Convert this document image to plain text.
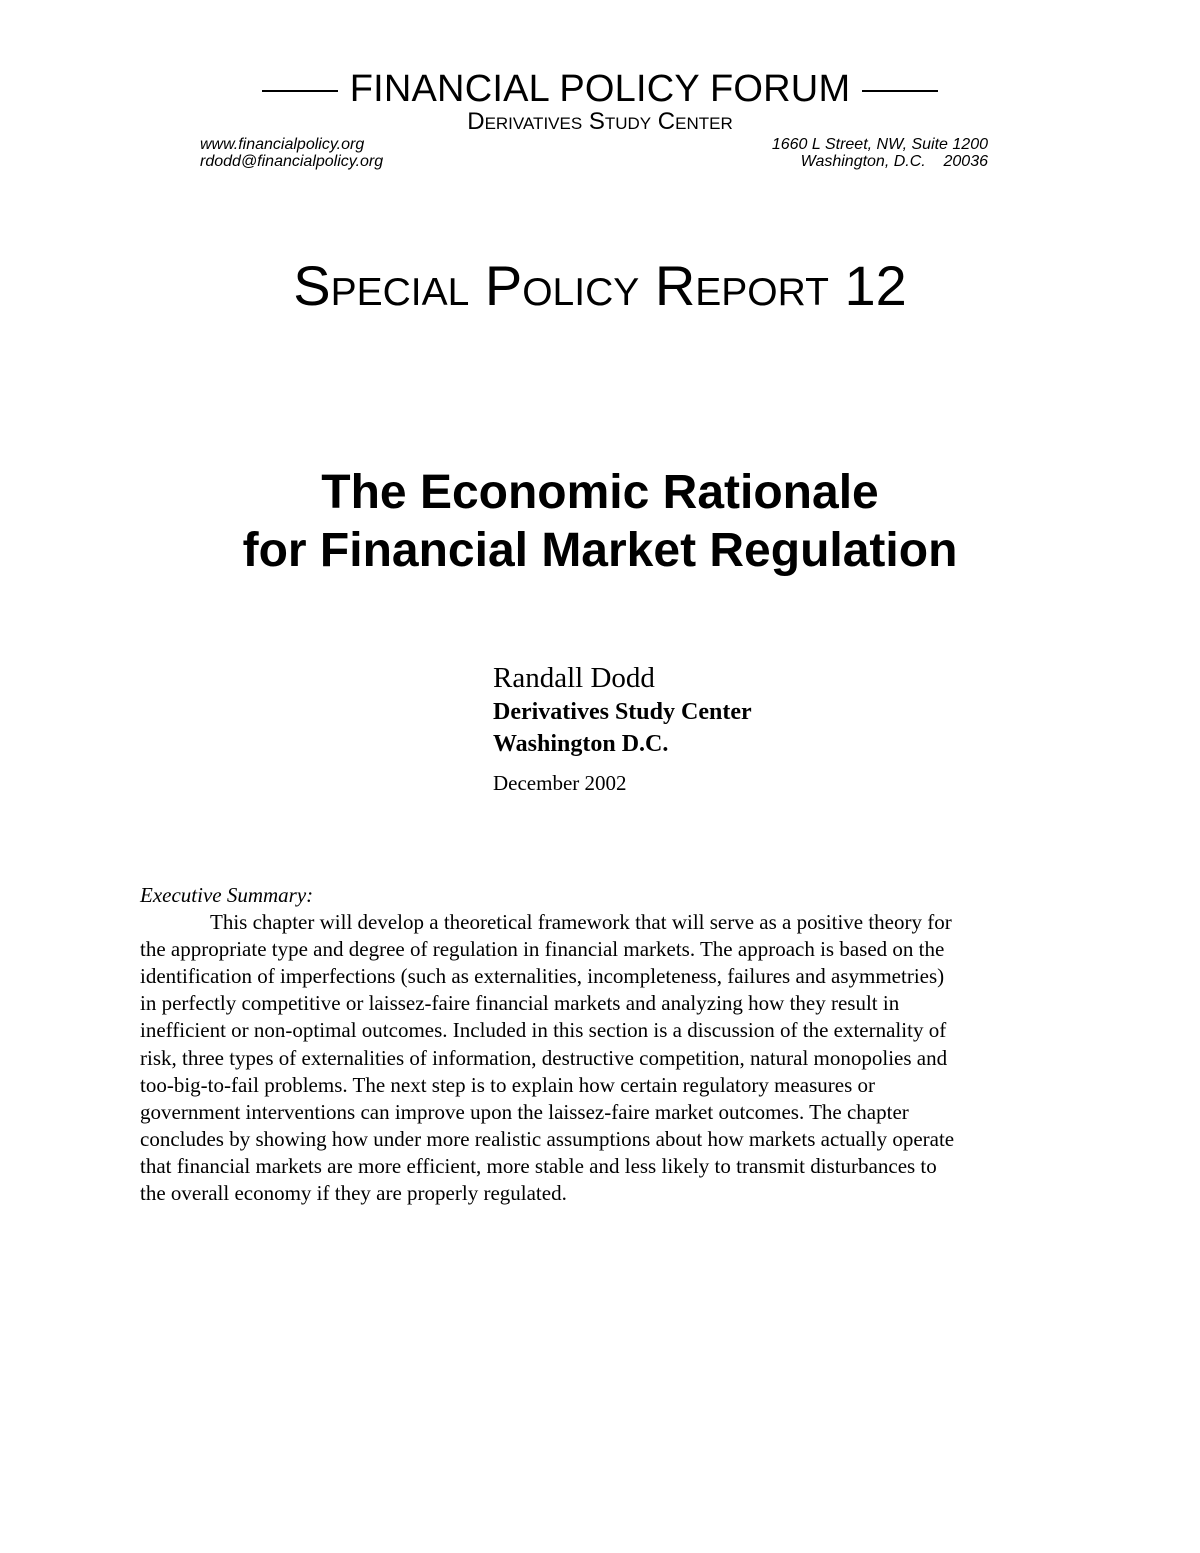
FINANCIAL POLICY FORUM
Derivatives Study Center
www.financialpolicy.org
rdodd@financialpolicy.org
1660 L Street, NW, Suite 1200
Washington, D.C.    20036
Special Policy Report 12
The Economic Rationale
for Financial Market Regulation
Randall Dodd
Derivatives Study Center
Washington D.C.
December 2002
Executive Summary:
This chapter will develop a theoretical framework that will serve as a positive theory for
the appropriate type and degree of regulation in financial markets. The approach is based on the
identification of imperfections (such as externalities, incompleteness, failures and asymmetries)
in perfectly competitive or laissez-faire financial markets and analyzing how they result in
inefficient or non-optimal outcomes. Included in this section is a discussion of the externality of
risk, three types of externalities of information, destructive competition, natural monopolies and
too-big-to-fail problems. The next step is to explain how certain regulatory measures or
government interventions can improve upon the laissez-faire market outcomes. The chapter
concludes by showing how under more realistic assumptions about how markets actually operate
that financial markets are more efficient, more stable and less likely to transmit disturbances to
the overall economy if they are properly regulated.
